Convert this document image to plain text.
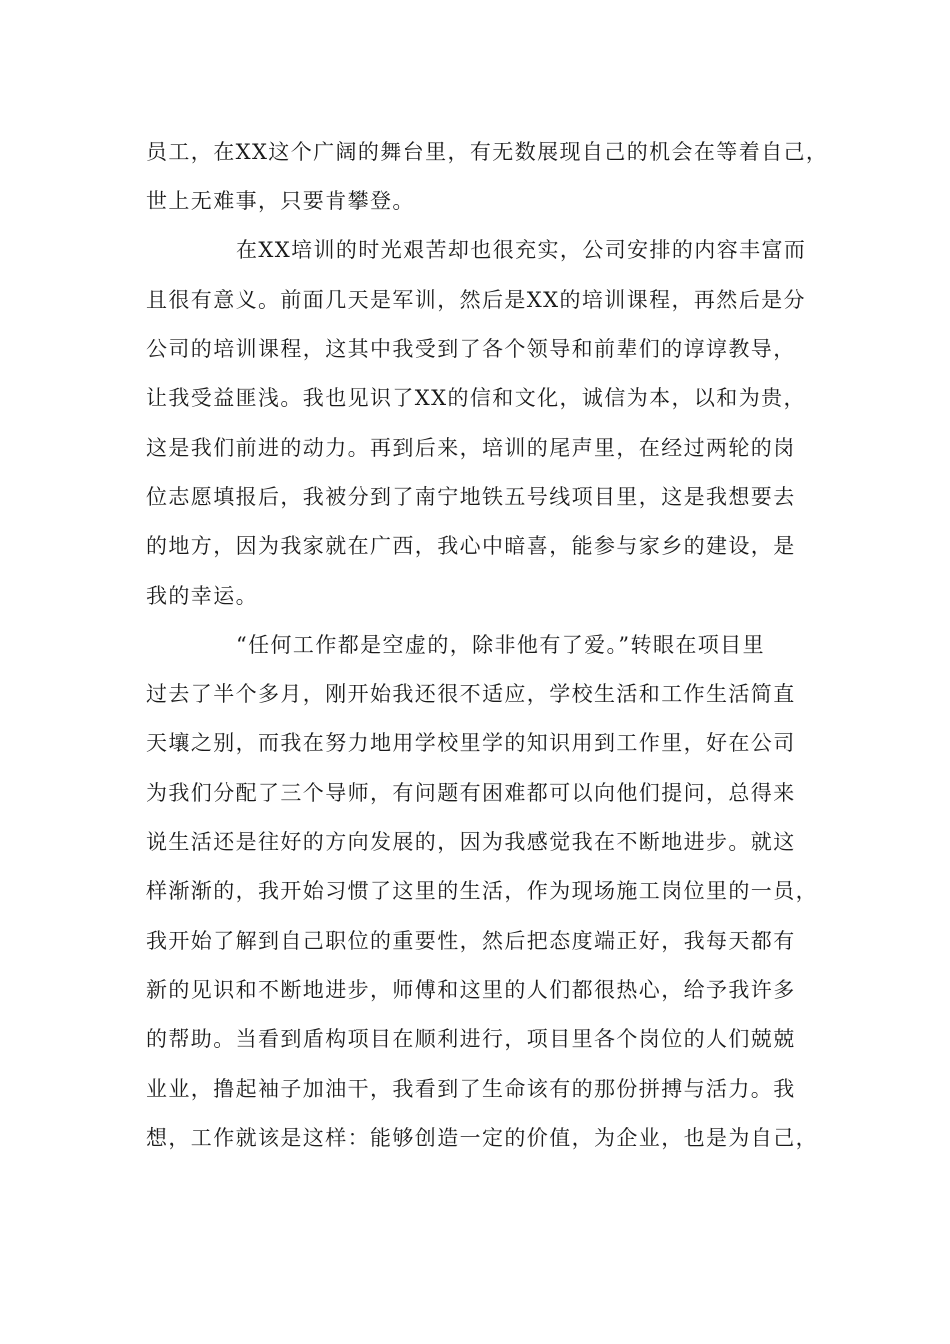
员工，在XX这个广阔的舞台里，有无数展现自己的机会在等着自己，
世上无难事，只要肯攀登。
在XX培训的时光艰苦却也很充实，公司安排的内容丰富而
且很有意义。前面几天是军训，然后是XX的培训课程，再然后是分
公司的培训课程，这其中我受到了各个领导和前辈们的谆谆教导，
让我受益匪浅。我也见识了XX的信和文化，诚信为本，以和为贵，
这是我们前进的动力。再到后来，培训的尾声里，在经过两轮的岗
位志愿填报后，我被分到了南宁地铁五号线项目里，这是我想要去
的地方，因为我家就在广西，我心中暗喜，能参与家乡的建设，是
我的幸运。
“任何工作都是空虚的，除非他有了爱。”转眼在项目里
过去了半个多月，刚开始我还很不适应，学校生活和工作生活简直
天壤之别，而我在努力地用学校里学的知识用到工作里，好在公司
为我们分配了三个导师，有问题有困难都可以向他们提问，总得来
说生活还是往好的方向发展的，因为我感觉我在不断地进步。就这
样渐渐的，我开始习惯了这里的生活，作为现场施工岗位里的一员，
我开始了解到自己职位的重要性，然后把态度端正好，我每天都有
新的见识和不断地进步，师傅和这里的人们都很热心，给予我许多
的帮助。当看到盾构项目在顺利进行，项目里各个岗位的人们兢兢
业业，撸起袖子加油干，我看到了生命该有的那份拼搏与活力。我
想，工作就该是这样：能够创造一定的价值，为企业，也是为自己，
